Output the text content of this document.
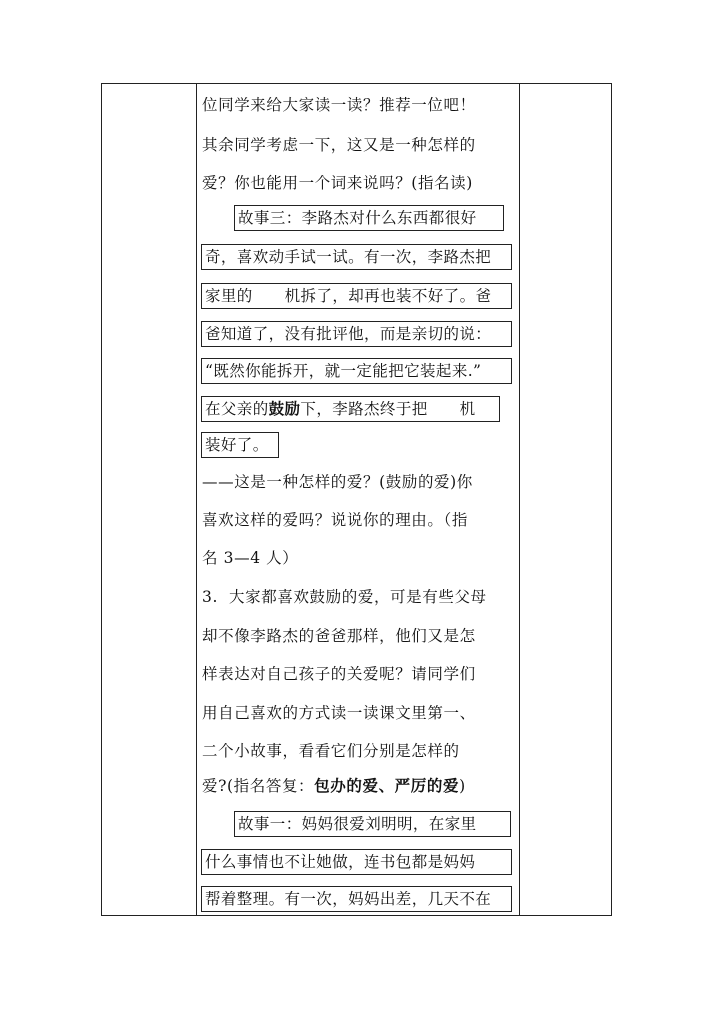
位同学来给大家读一读？推荐一位吧！
其余同学考虑一下，这又是一种怎样的
爱？你也能用一个词来说吗？(指名读)
故事三：李路杰对什么东西都很好
奇，喜欢动手试一试。有一次，李路杰把
家里的      机拆了，却再也装不好了。爸
爸知道了，没有批评他，而是亲切的说：
“既然你能拆开，就一定能把它装起来.”
在父亲的鼓励下，李路杰终于把      机
装好了。
——这是一种怎样的爱？(鼓励的爱)你
喜欢这样的爱吗？说说你的理由。（指
名 3—4 人）
3.  大家都喜欢鼓励的爱，可是有些父母
却不像李路杰的爸爸那样，他们又是怎
样表达对自己孩子的关爱呢？请同学们
用自己喜欢的方式读一读课文里第一、
二个小故事，看看它们分别是怎样的
爱?(指名答复：包办的爱、严厉的爱)
故事一：妈妈很爱刘明明，在家里
什么事情也不让她做，连书包都是妈妈
帮着整理。有一次，妈妈出差，几天不在
